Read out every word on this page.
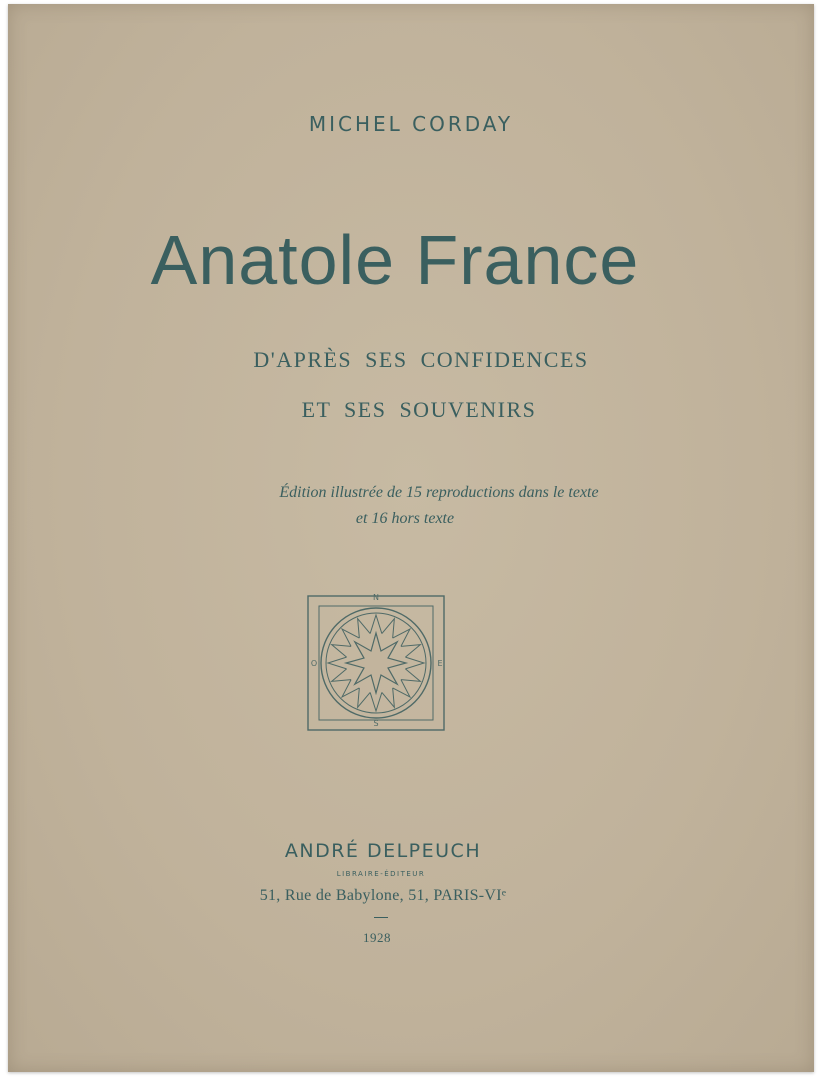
MICHEL CORDAY
Anatole France
D'APRÈS SES CONFIDENCES
ET SES SOUVENIRS
Édition illustrée de 15 reproductions dans le texte
et 16 hors texte
N
E
S
O
ANDRÉ DELPEUCH
LIBRAIRE-ÉDITEUR
51, Rue de Babylone, 51, PARIS-VIᵉ
1928
